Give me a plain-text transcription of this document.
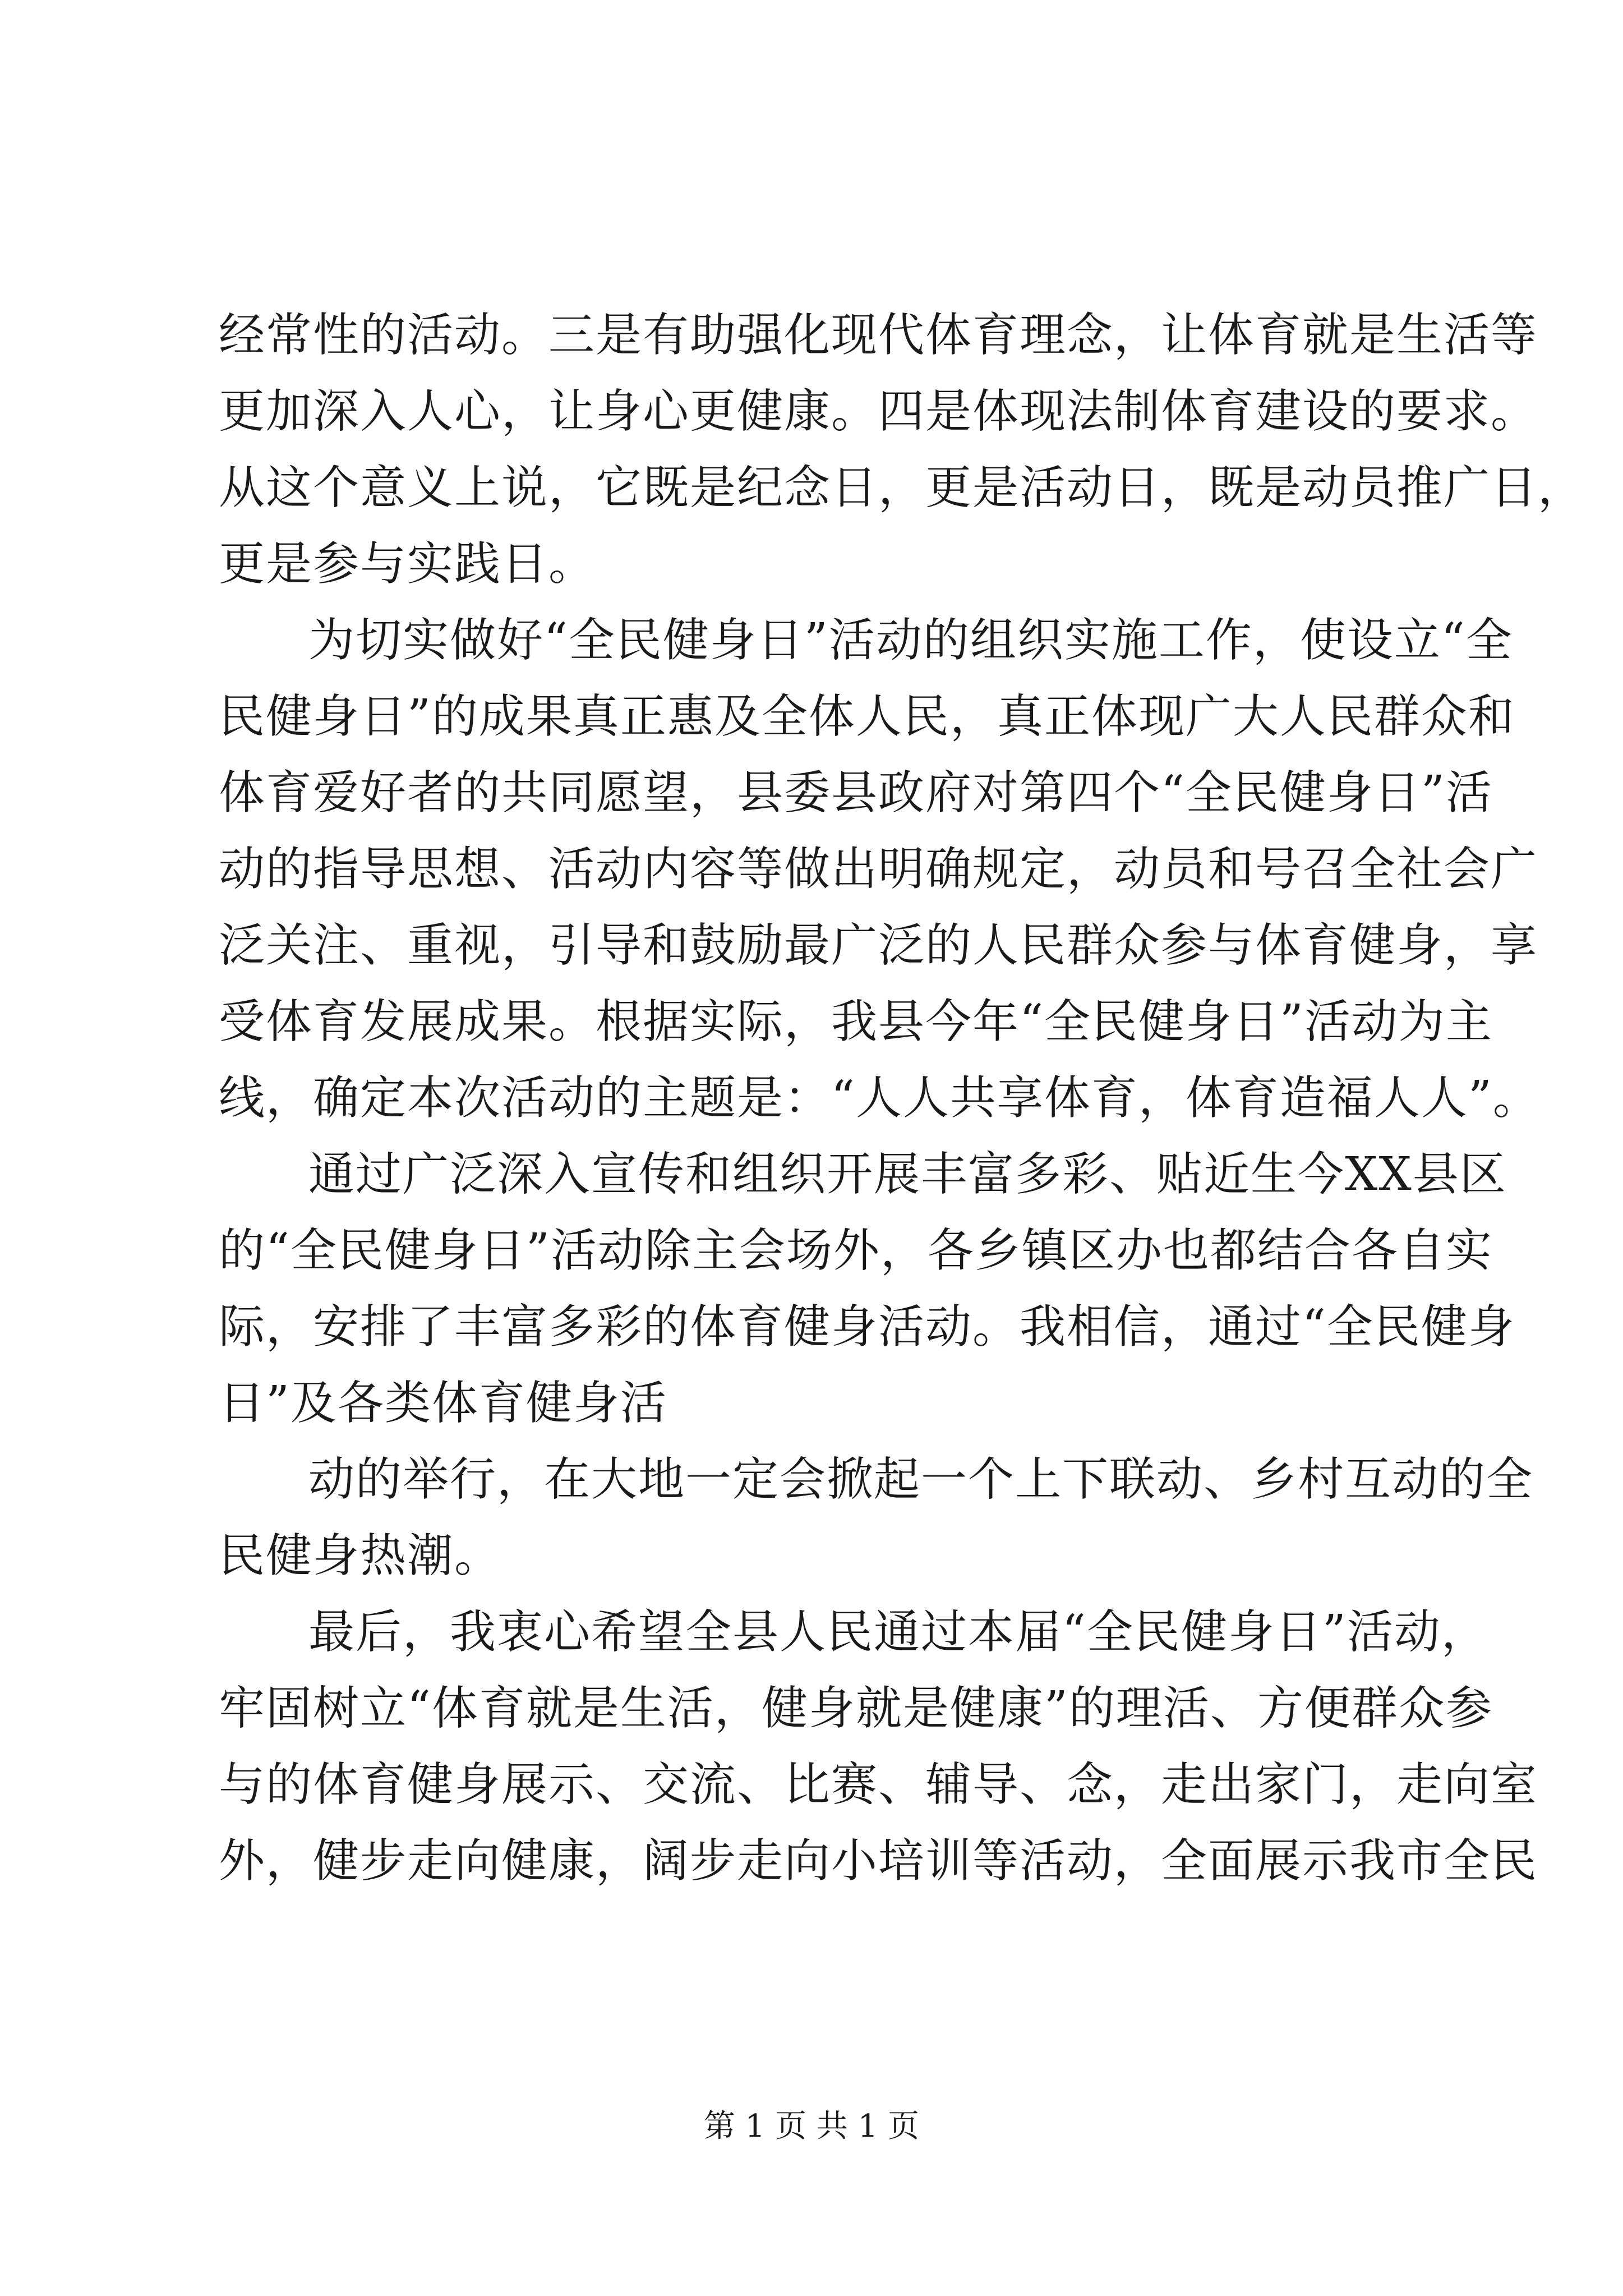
经常性的活动。三是有助强化现代体育理念，让体育就是生活等
更加深入人心，让身心更健康。四是体现法制体育建设的要求。
从这个意义上说，它既是纪念日，更是活动日，既是动员推广日，
更是参与实践日。
为切实做好“全民健身日”活动的组织实施工作，使设立“全
民健身日”的成果真正惠及全体人民，真正体现广大人民群众和
体育爱好者的共同愿望，县委县政府对第四个“全民健身日”活
动的指导思想、活动内容等做出明确规定，动员和号召全社会广
泛关注、重视，引导和鼓励最广泛的人民群众参与体育健身，享
受体育发展成果。根据实际，我县今年“全民健身日”活动为主
线，确定本次活动的主题是：“人人共享体育，体育造福人人”。
通过广泛深入宣传和组织开展丰富多彩、贴近生今XX县区
的“全民健身日”活动除主会场外，各乡镇区办也都结合各自实
际，安排了丰富多彩的体育健身活动。我相信，通过“全民健身
日”及各类体育健身活
动的举行，在大地一定会掀起一个上下联动、乡村互动的全
民健身热潮。
最后，我衷心希望全县人民通过本届“全民健身日”活动，
牢固树立“体育就是生活，健身就是健康”的理活、方便群众参
与的体育健身展示、交流、比赛、辅导、念，走出家门，走向室
外，健步走向健康，阔步走向小培训等活动，全面展示我市全民
第 1 页 共 1 页
